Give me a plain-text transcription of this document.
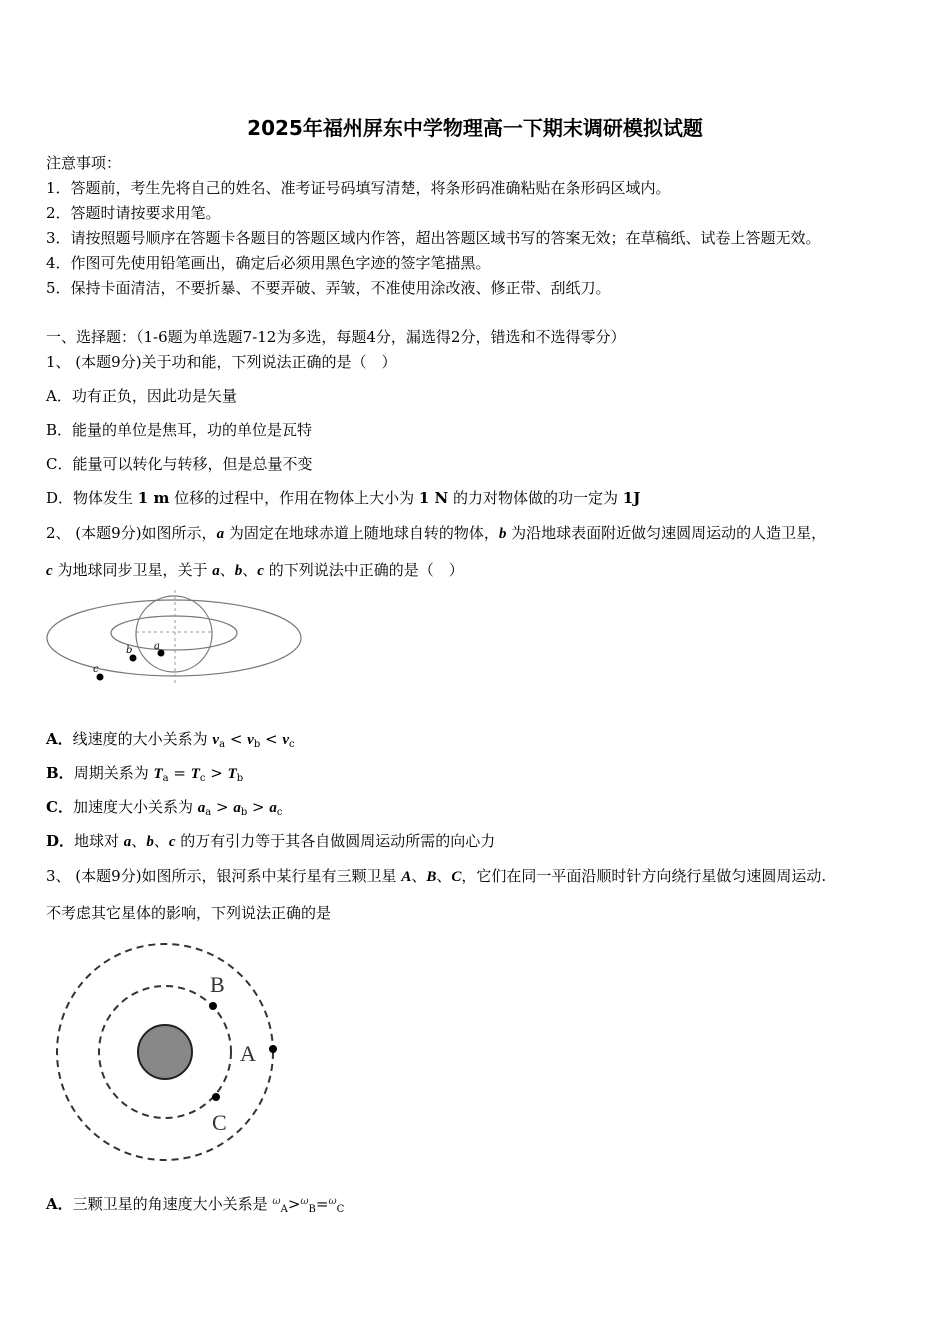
2025年福州屏东中学物理高一下期末调研模拟试题
注意事项：
1．答题前，考生先将自己的姓名、准考证号码填写清楚，将条形码准确粘贴在条形码区域内。
2．答题时请按要求用笔。
3．请按照题号顺序在答题卡各题目的答题区域内作答，超出答题区域书写的答案无效；在草稿纸、试卷上答题无效。
4．作图可先使用铅笔画出，确定后必须用黑色字迹的签字笔描黑。
5．保持卡面清洁，不要折暴、不要弄破、弄皱，不准使用涂改液、修正带、刮纸刀。
一、选择题：（1-6题为单选题7-12为多选，每题4分，漏选得2分，错选和不选得零分）
1、 (本题9分)关于功和能，下列说法正确的是（　）
A．功有正负，因此功是矢量
B．能量的单位是焦耳，功的单位是瓦特
C．能量可以转化与转移，但是总量不变
D．物体发生 1 m 位移的过程中，作用在物体上大小为 1 N 的力对物体做的功一定为 1J
2、 (本题9分)如图所示，a 为固定在地球赤道上随地球自转的物体，b 为沿地球表面附近做匀速圆周运动的人造卫星，
c 为地球同步卫星，关于 a、b、c 的下列说法中正确的是（　）
a
b
c
A．线速度的大小关系为 $v_a < v_b < v_c$
B．周期关系为 $T_a = T_c > T_b$
C．加速度大小关系为 $a_a > a_b > a_c$
D．地球对 a、b、c 的万有引力等于其各自做圆周运动所需的向心力
3、 (本题9分)如图所示，银河系中某行星有三颗卫星 A、B、C，它们在同一平面沿顺时针方向绕行星做匀速圆周运动.
不考虑其它星体的影响，下列说法正确的是
B
A
C
A．三颗卫星的角速度大小关系是 $^\omega_A$>$^\omega_B$=$^\omega_C$
